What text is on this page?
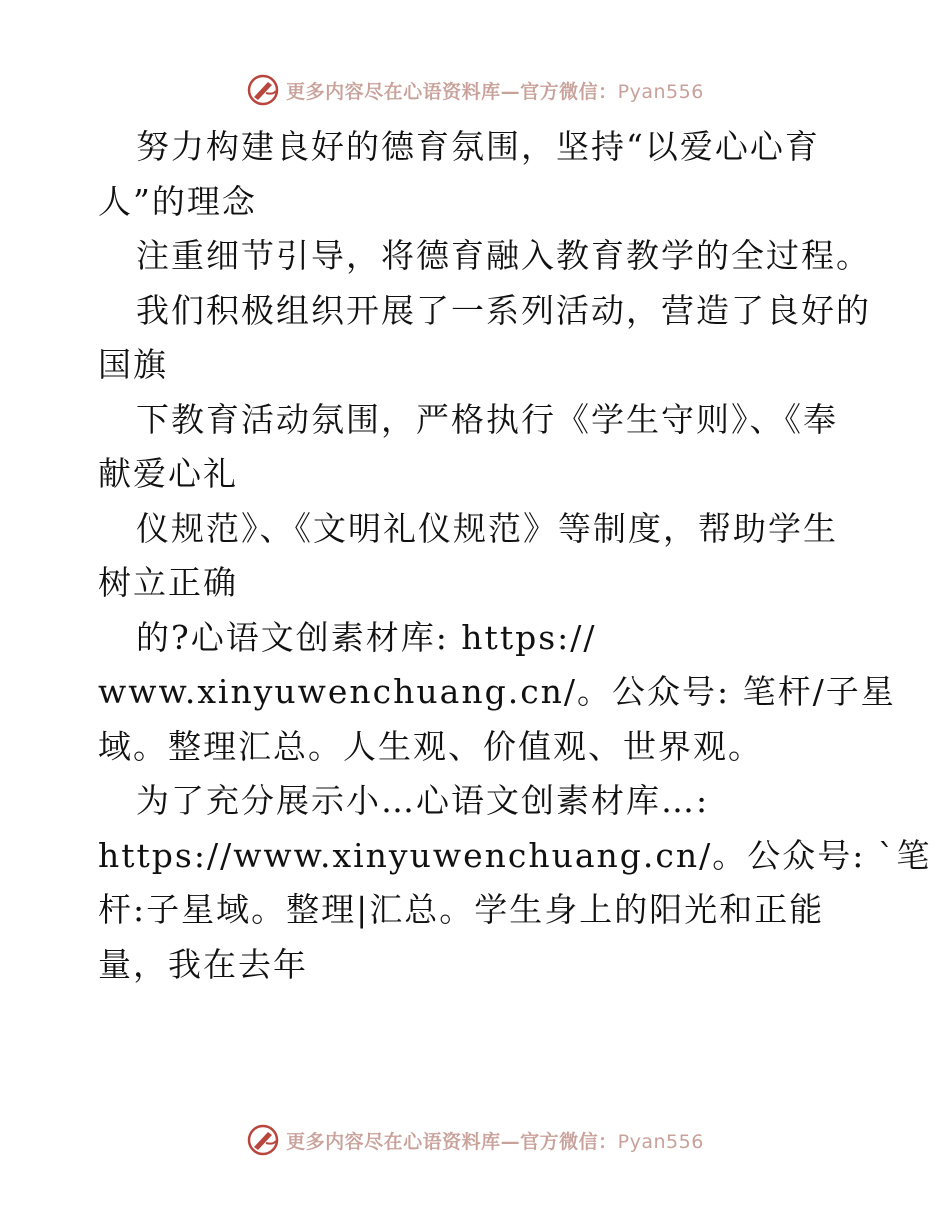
更多内容尽在心语资料库—官方微信：Pyan556
努力构建良好的德育氛围，坚持“以爱心心育
人”的理念
注重细节引导，将德育融入教育教学的全过程。
我们积极组织开展了一系列活动，营造了良好的
国旗
下教育活动氛围，严格执行《学生守则》、《奉
献爱心礼
仪规范》、《文明礼仪规范》等制度，帮助学生
树立正确
的?心语文创素材库: https://
www.xinyuwenchuang.cn/。公众号: 笔杆/子星
域。整理汇总。人生观、价值观、世界观。
为了充分展示小…心语文创素材库…:
https://www.xinyuwenchuang.cn/。公众号: `笔
杆:子星域。整理|汇总。学生身上的阳光和正能
量，我在去年
更多内容尽在心语资料库—官方微信：Pyan556
